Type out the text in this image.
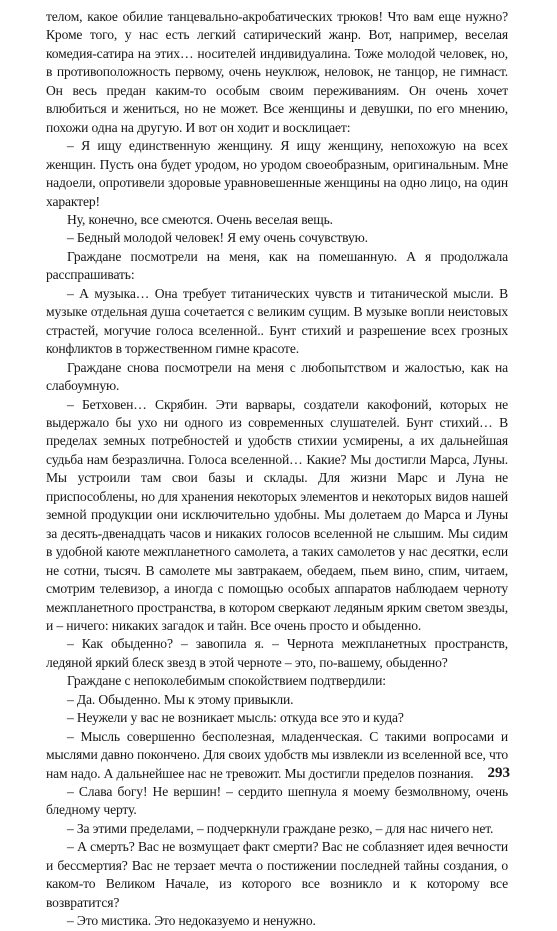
телом, какое обилие танцевально-акробатических трюков! Что вам еще нужно? Кроме того, у нас есть легкий сатирический жанр. Вот, например, веселая комедия-сатира на этих… носителей индивидуалина. Тоже молодой человек, но, в противоположность первому, очень неуклюж, неловок, не танцор, не гимнаст. Он весь предан каким-то особым своим переживаниям. Он очень хочет влюбиться и жениться, но не может. Все женщины и девушки, по его мнению, похожи одна на другую. И вот он ходит и восклицает:

– Я ищу единственную женщину. Я ищу женщину, непохожую на всех женщин. Пусть она будет уродом, но уродом своеобразным, оригинальным. Мне надоели, опротивели здоровые уравновешенные женщины на одно лицо, на один характер!

Ну, конечно, все смеются. Очень веселая вещь.

– Бедный молодой человек! Я ему очень сочувствую.

Граждане посмотрели на меня, как на помешанную. А я продолжала расспрашивать:

– А музыка… Она требует титанических чувств и титанической мысли. В музыке отдельная душа сочетается с великим сущим. В музыке вопли неистовых страстей, могучие голоса вселенной.. Бунт стихий и разрешение всех грозных конфликтов в торжественном гимне красоте.

Граждане снова посмотрели на меня с любопытством и жалостью, как на слабоумную.

– Бетховен… Скрябин. Эти варвары, создатели какофоний, которых не выдержало бы ухо ни одного из современных слушателей. Бунт стихий… В пределах земных потребностей и удобств стихии усмирены, а их дальнейшая судьба нам безразлична. Голоса вселенной… Какие? Мы достигли Марса, Луны. Мы устроили там свои базы и склады. Для жизни Марс и Луна не приспособлены, но для хранения некоторых элементов и некоторых видов нашей земной продукции они исключительно удобны. Мы долетаем до Марса и Луны за десять-двенадцать часов и никаких голосов вселенной не слышим. Мы сидим в удобной каюте межпланетного самолета, а таких самолетов у нас десятки, если не сотни, тысяч. В самолете мы завтракаем, обедаем, пьем вино, спим, читаем, смотрим телевизор, а иногда с помощью особых аппаратов наблюдаем черноту межпланетного пространства, в котором сверкают ледяным ярким светом звезды, и – ничего: никаких загадок и тайн. Все очень просто и обыденно.

– Как обыденно? – завопила я. – Чернота межпланетных пространств, ледяной яркий блеск звезд в этой черноте – это, по-вашему, обыденно?

Граждане с непоколебимым спокойствием подтвердили:

– Да. Обыденно. Мы к этому привыкли.

– Неужели у вас не возникает мысль: откуда все это и куда?

– Мысль совершенно бесполезная, младенческая. С такими вопросами и мыслями давно покончено. Для своих удобств мы извлекли из вселенной все, что нам надо. А дальнейшее нас не тревожит. Мы достигли пределов познания.

– Слава богу! Не вершин! – сердито шепнула я моему безмолвному, очень бледному черту.

– За этими пределами, – подчеркнули граждане резко, – для нас ничего нет.

– А смерть? Вас не возмущает факт смерти? Вас не соблазняет идея вечности и бессмертия? Вас не терзает мечта о постижении последней тайны создания, о каком-то Великом Начале, из которого все возникло и к которому все возвратится?

– Это мистика. Это недоказуемо и ненужно.

293
